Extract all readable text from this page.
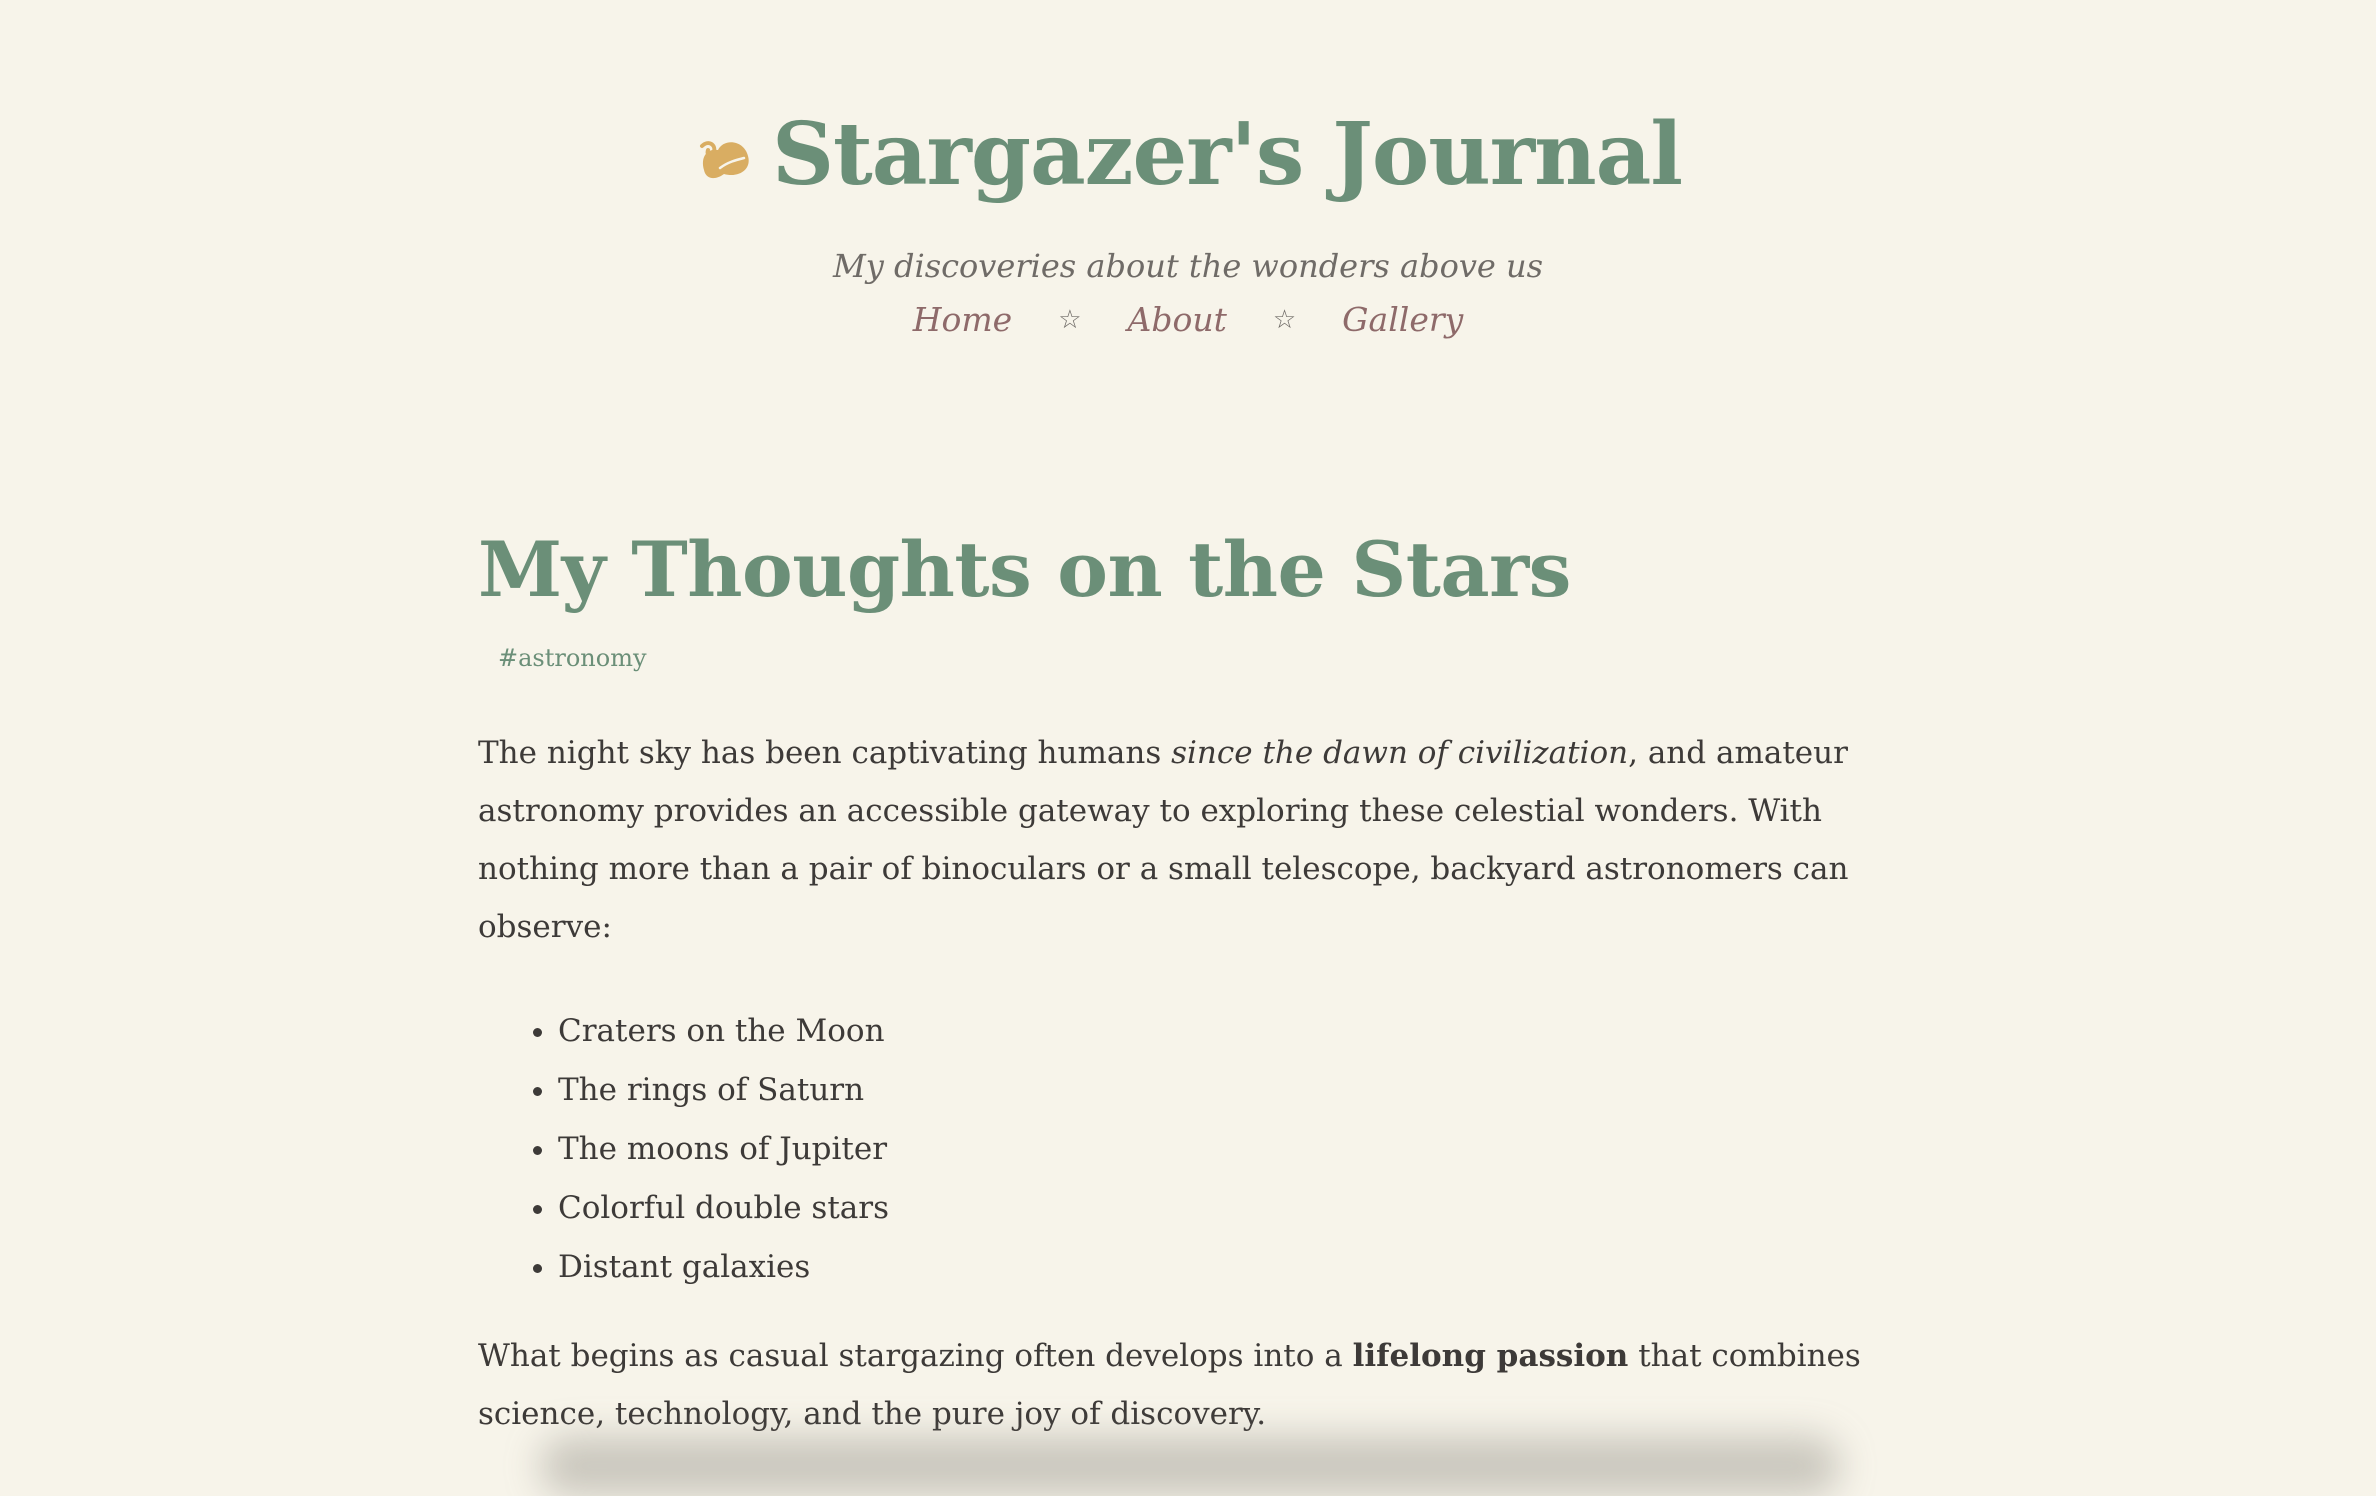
Stargazer's Journal
My discoveries about the wonders above us
Home ☆ About ☆ Gallery
My Thoughts on the Stars
#astronomy

The night sky has been captivating humans since the dawn of civilization, and amateur astronomy provides an accessible gateway to exploring these celestial wonders. With nothing more than a pair of binoculars or a small telescope, backyard astronomers can observe:

• Craters on the Moon
• The rings of Saturn
• The moons of Jupiter
• Colorful double stars
• Distant galaxies

What begins as casual stargazing often develops into a lifelong passion that combines science, technology, and the pure joy of discovery.
